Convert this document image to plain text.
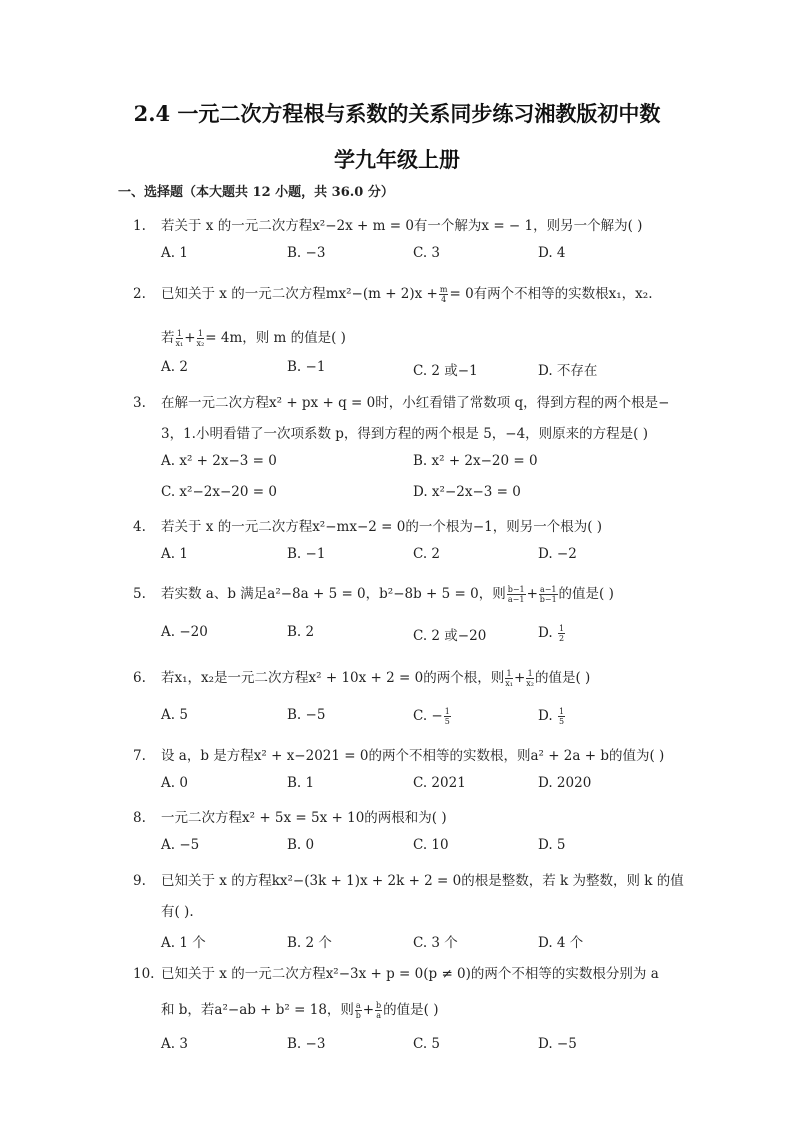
2.4 一元二次方程根与系数的关系同步练习湘教版初中数
学九年级上册
一、选择题（本大题共 12 小题，共 36.0 分）
1. 若关于 x 的一元二次方程x²−2x + m = 0有一个解为x = − 1，则另一个解为( )
A. 1	B. −3	C. 3	D. 4
2. 已知关于 x 的一元二次方程$mx^2-(m + 2)x + \frac{m}{4} = 0$有两个不相等的实数根x₁，x₂.
若 $\frac{1}{\text{x₁}} + \frac{1}{\text{x₂}} = 4m$，则 m 的值是( )
A. 2	B. −1	C. 2 或−1	D. 不存在
3. 在解一元二次方程x² + px + q = 0时，小红看错了常数项 q，得到方程的两个根是−
3，1.小明看错了一次项系数 p，得到方程的两个根是 5，−4，则原来的方程是( )
A. x² + 2x−3 = 0	B. x² + 2x−20 = 0
C. x²−2x−20 = 0	D. x²−2x−3 = 0
4. 若关于 x 的一元二次方程x²−mx−2 = 0的一个根为−1，则另一个根为( )
A. 1	B. −1	C. 2	D. −2
5. 若实数 a、b 满足a²−8a + 5 = 0，b²−8b + 5 = 0，则 $\frac{b-1}{a-1} + \frac{a-1}{b-1}$ 的值是( )
A. −20	B. 2	C. 2 或−20	D. $\frac{1}{2}$
6. 若x₁，x₂是一元二次方程x² + 10x + 2 = 0的两个根，则 $\frac{1}{\text{x₁}} + \frac{1}{\text{x₂}}$ 的值是( )
A. 5	B. −5	C. − $\frac{1}{5}$	D. $\frac{1}{5}$
7. 设 a，b 是方程x² + x−2021 = 0的两个不相等的实数根，则a² + 2a + b的值为( )
A. 0	B. 1	C. 2021	D. 2020
8. 一元二次方程x² + 5x = 5x + 10的两根和为( )
A. −5	B. 0	C. 10	D. 5
9. 已知关于 x 的方程kx²−(3k + 1)x + 2k + 2 = 0的根是整数，若 k 为整数，则 k 的值
有( ).
A. 1 个	B. 2 个	C. 3 个	D. 4 个
10. 已知关于 x 的一元二次方程x²−3x + p = 0(p ≠ 0)的两个不相等的实数根分别为 a
和 b，若a²−ab + b² = 18，则 $\frac{a}{b} + \frac{b}{a}$ 的值是( )
A. 3	B. −3	C. 5	D. −5
